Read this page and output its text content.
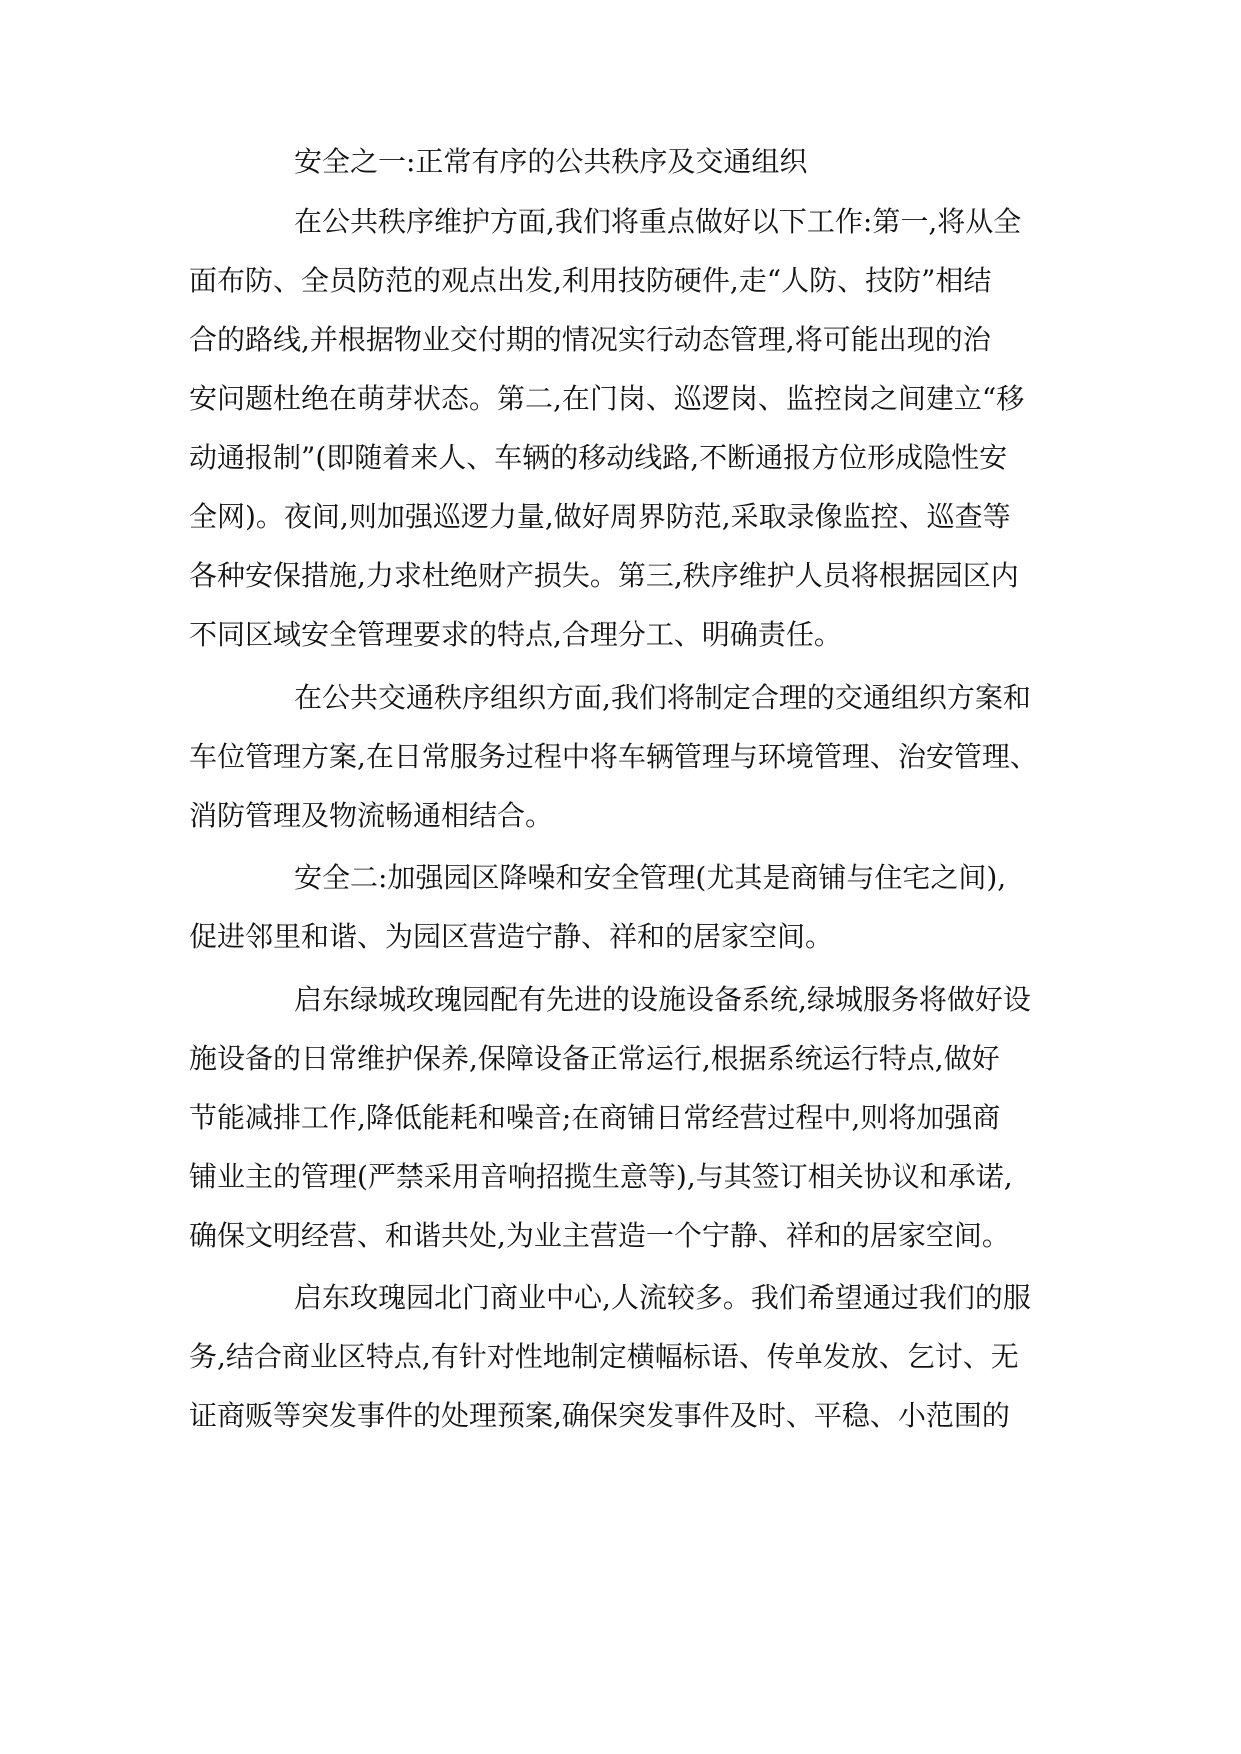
安全之一:正常有序的公共秩序及交通组织

在公共秩序维护方面,我们将重点做好以下工作:第一,将从全

面布防、全员防范的观点出发,利用技防硬件,走“人防、技防”相结

合的路线,并根据物业交付期的情况实行动态管理,将可能出现的治

安问题杜绝在萌芽状态。第二,在门岗、巡逻岗、监控岗之间建立“移

动通报制”(即随着来人、车辆的移动线路,不断通报方位形成隐性安

全网)。夜间,则加强巡逻力量,做好周界防范,采取录像监控、巡查等

各种安保措施,力求杜绝财产损失。第三,秩序维护人员将根据园区内

不同区域安全管理要求的特点,合理分工、明确责任。

在公共交通秩序组织方面,我们将制定合理的交通组织方案和

车位管理方案,在日常服务过程中将车辆管理与环境管理、治安管理、

消防管理及物流畅通相结合。

安全二:加强园区降噪和安全管理(尤其是商铺与住宅之间),

促进邻里和谐、为园区营造宁静、祥和的居家空间。

启东绿城玫瑰园配有先进的设施设备系统,绿城服务将做好设

施设备的日常维护保养,保障设备正常运行,根据系统运行特点,做好

节能减排工作,降低能耗和噪音;在商铺日常经营过程中,则将加强商

铺业主的管理(严禁采用音响招揽生意等),与其签订相关协议和承诺,

确保文明经营、和谐共处,为业主营造一个宁静、祥和的居家空间。

启东玫瑰园北门商业中心,人流较多。我们希望通过我们的服

务,结合商业区特点,有针对性地制定横幅标语、传单发放、乞讨、无

证商贩等突发事件的处理预案,确保突发事件及时、平稳、小范围的
